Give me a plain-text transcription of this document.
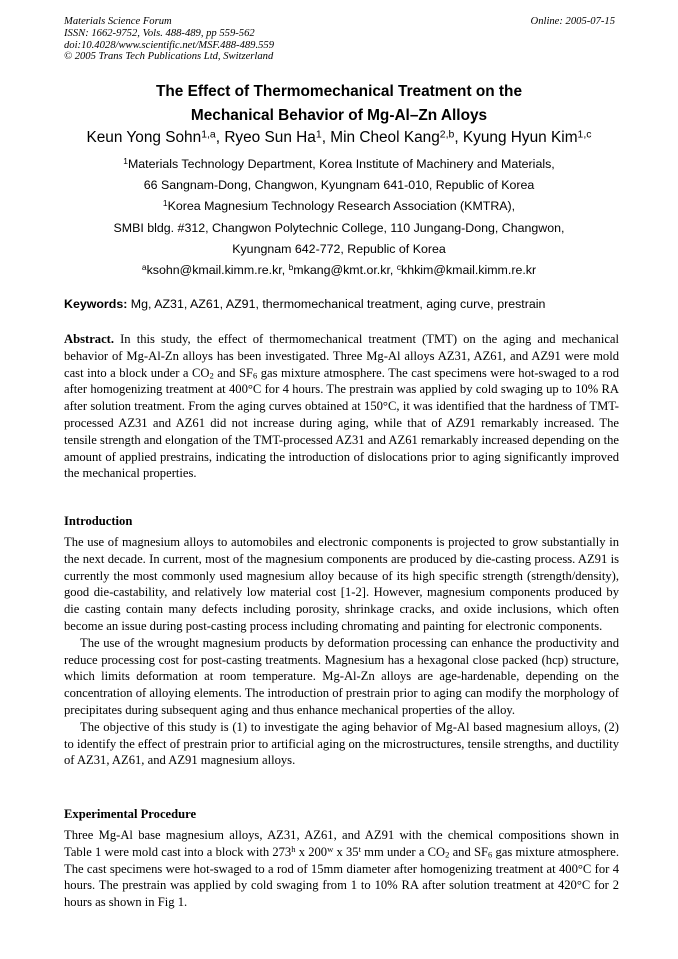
Materials Science Forum
ISSN: 1662-9752, Vols. 488-489, pp 559-562
doi:10.4028/www.scientific.net/MSF.488-489.559
© 2005 Trans Tech Publications Ltd, Switzerland
Online: 2005-07-15
The Effect of Thermomechanical Treatment on the
Mechanical Behavior of Mg-Al–Zn Alloys
Keun Yong Sohn$^{1,a}$, Ryeo Sun Ha$^1$, Min Cheol Kang$^{2,b}$, Kyung Hyun Kim$^{1,c}$
$^1$Materials Technology Department, Korea Institute of Machinery and Materials,
66 Sangnam-Dong, Changwon, Kyungnam 641-010, Republic of Korea
$^1$Korea Magnesium Technology Research Association (KMTRA),
SMBI bldg. #312, Changwon Polytechnic College, 110 Jungang-Dong, Changwon,
Kyungnam 642-772, Republic of Korea
$^a$ksohn@kmail.kimm.re.kr, $^b$mkang@kmt.or.kr, $^c$khkim@kmail.kimm.re.kr
Keywords: Mg, AZ31, AZ61, AZ91, thermomechanical treatment, aging curve, prestrain

Abstract. In this study, the effect of thermomechanical treatment (TMT) on the aging and mechanical behavior of Mg-Al-Zn alloys has been investigated. Three Mg-Al alloys AZ31, AZ61, and AZ91 were mold cast into a block under a $CO_2$ and $SF_6$ gas mixture atmosphere. The cast specimens were hot-swaged to a rod after homogenizing treatment at 400°C for 4 hours. The prestrain was applied by cold swaging up to 10% RA after solution treatment. From the aging curves obtained at 150°C, it was identified that the hardness of TMT-processed AZ31 and AZ61 did not increase during aging, while that of AZ91 remarkably increased. The tensile strength and elongation of the TMT-processed AZ31 and AZ61 remarkably increased depending on the amount of applied prestrains, indicating the introduction of dislocations prior to aging significantly improved the mechanical properties.

Introduction

The use of magnesium alloys to automobiles and electronic components is projected to grow substantially in the next decade. In current, most of the magnesium components are produced by die-casting process. AZ91 is currently the most commonly used magnesium alloy because of its high specific strength (strength/density), good die-castability, and relatively low material cost [1-2]. However, magnesium components produced by die casting contain many defects including porosity, shrinkage cracks, and oxide inclusions, which often become an issue during post-casting process including chromating and painting for electronic components.

The use of the wrought magnesium products by deformation processing can enhance the productivity and reduce processing cost for post-casting treatments. Magnesium has a hexagonal close packed (hcp) structure, which limits deformation at room temperature. Mg-Al-Zn alloys are age-hardenable, depending on the concentration of alloying elements. The introduction of prestrain prior to aging can modify the morphology of precipitates during subsequent aging and thus enhance mechanical properties of the alloy.

The objective of this study is (1) to investigate the aging behavior of Mg-Al based magnesium alloys, (2) to identify the effect of prestrain prior to artificial aging on the microstructures, tensile strengths, and ductility of AZ31, AZ61, and AZ91 magnesium alloys.

Experimental Procedure

Three Mg-Al base magnesium alloys, AZ31, AZ61, and AZ91 with the chemical compositions shown in Table 1 were mold cast into a block with 273$^h$ x 200$^w$ x 35$^t$ mm under a $CO_2$ and $SF_6$ gas mixture atmosphere. The cast specimens were hot-swaged to a rod of 15mm diameter after homogenizing treatment at 400°C for 4 hours. The prestrain was applied by cold swaging from 1 to 10% RA after solution treatment at 420°C for 2 hours as shown in Fig 1.
